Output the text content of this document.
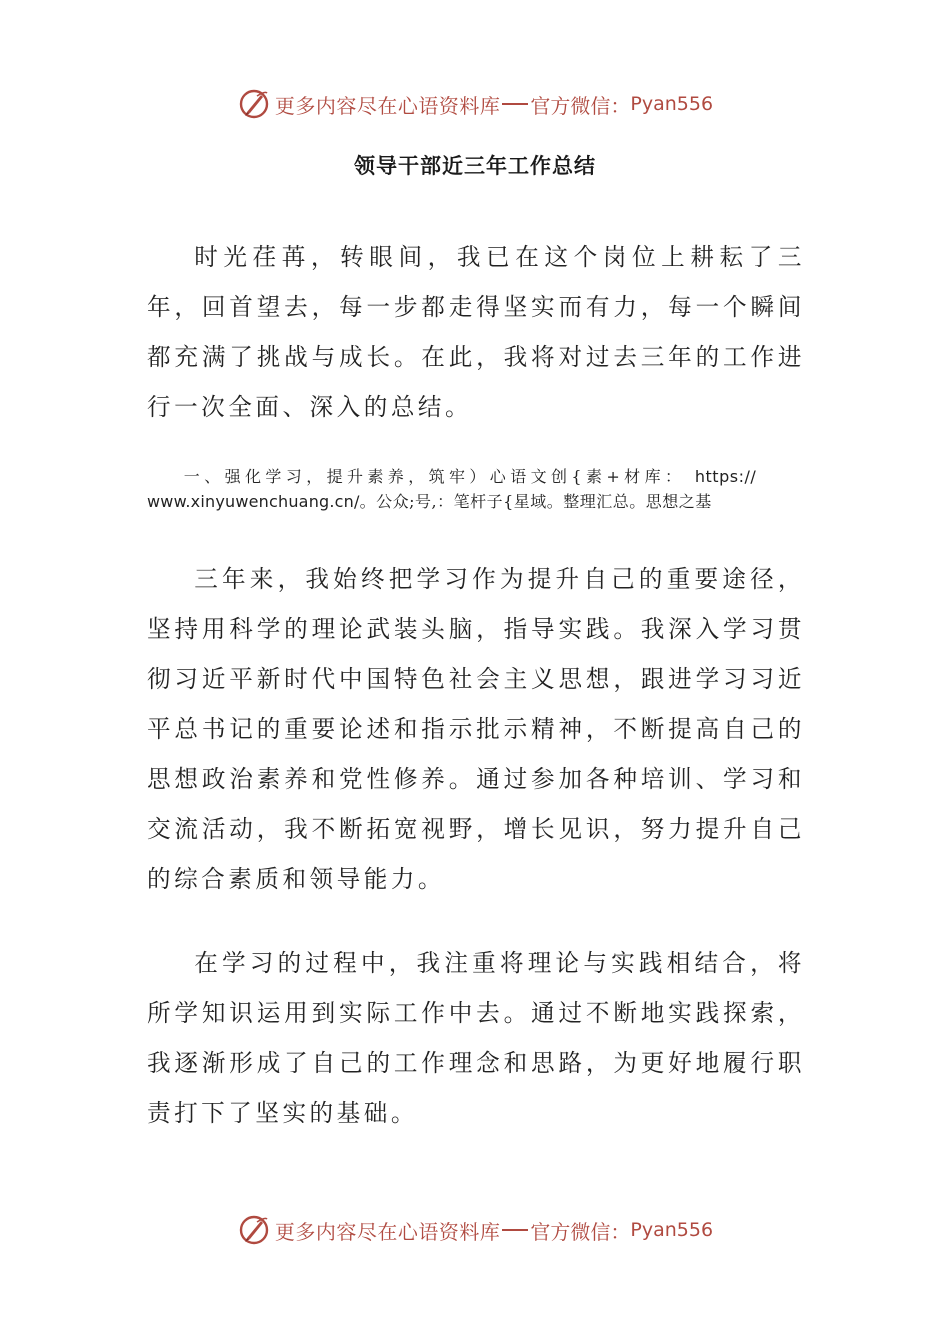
更多内容尽在心语资料库 官方微信： Pyan556
领导干部近三年工作总结

时光荏苒，转眼间，我已在这个岗位上耕耘了三年，回首望去，每一步都走得坚实而有力，每一个瞬间都充满了挑战与成长。在此，我将对过去三年的工作进行一次全面、深入的总结。

一、强化学习，提升素养，筑牢）心语文创{素+材库： https://
www.xinyuwenchuang.cn/。公众;号,：笔杆子{星域。整理汇总。思想之基

三年来，我始终把学习作为提升自己的重要途径，坚持用科学的理论武装头脑，指导实践。我深入学习贯彻习近平新时代中国特色社会主义思想，跟进学习习近平总书记的重要论述和指示批示精神，不断提高自己的思想政治素养和党性修养。通过参加各种培训、学习和交流活动，我不断拓宽视野，增长见识，努力提升自己的综合素质和领导能力。

在学习的过程中，我注重将理论与实践相结合，将所学知识运用到实际工作中去。通过不断地实践探索，我逐渐形成了自己的工作理念和思路，为更好地履行职责打下了坚实的基础。

更多内容尽在心语资料库 官方微信： Pyan556
